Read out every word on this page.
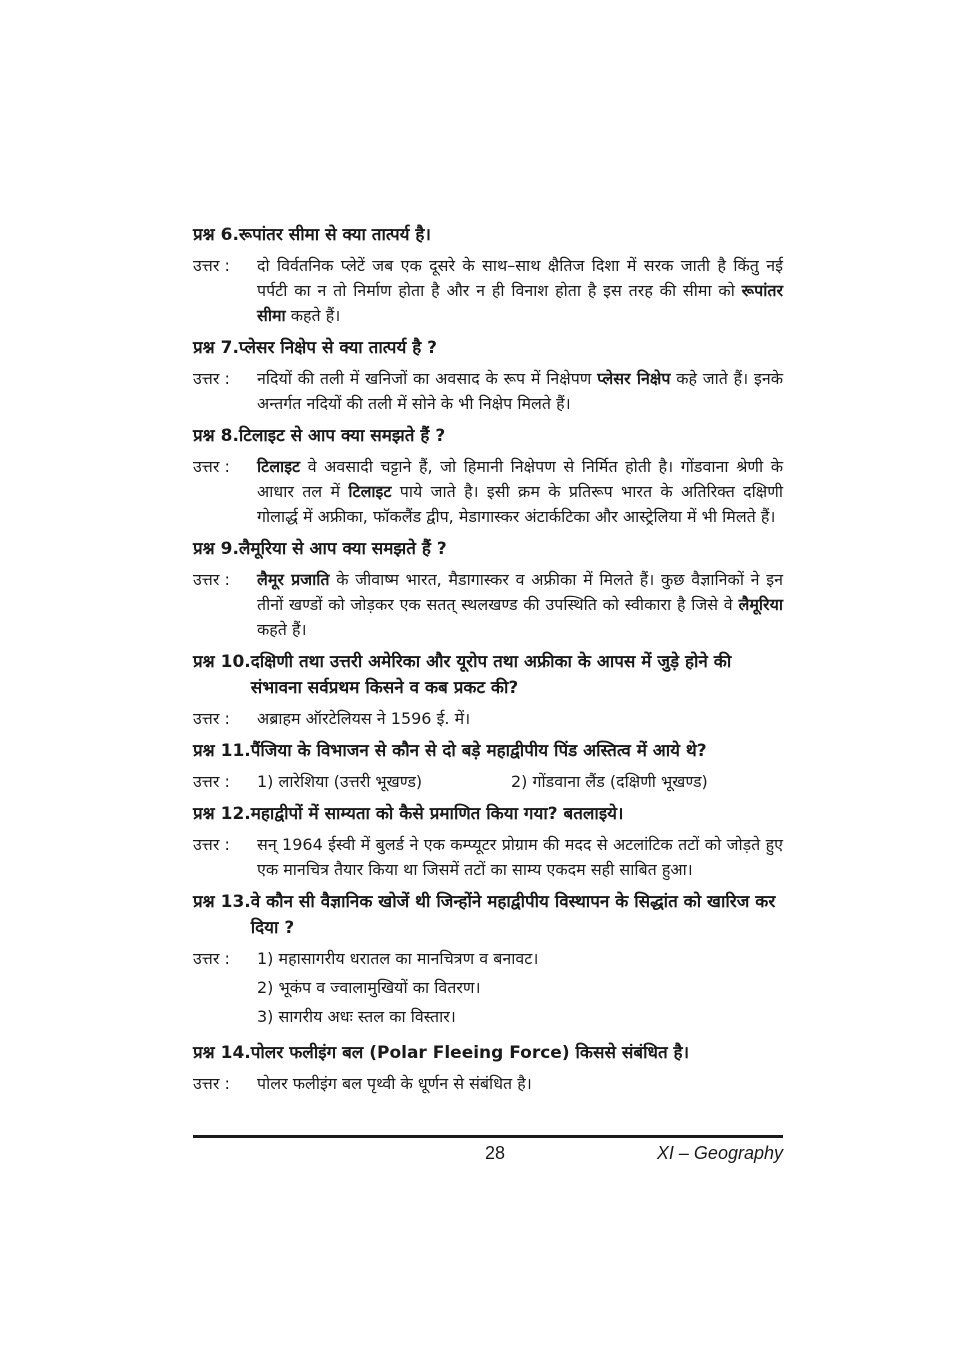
प्रश्न 6. रूपांतर सीमा से क्या तात्पर्य है।
उत्तर :	दो विर्वतनिक प्लेटें जब एक दूसरे के साथ–साथ क्षैतिज दिशा में सरक जाती है किंतु नई पर्पटी का न तो निर्माण होता है और न ही विनाश होता है इस तरह की सीमा को रूपांतर सीमा कहते हैं।
प्रश्न 7. प्लेसर निक्षेप से क्या तात्पर्य है ?
उत्तर :	नदियों की तली में खनिजों का अवसाद के रूप में निक्षेपण प्लेसर निक्षेप कहे जाते हैं। इनके अन्तर्गत नदियों की तली में सोने के भी निक्षेप मिलते हैं।
प्रश्न 8. टिलाइट से आप क्या समझते हैं ?
उत्तर :	टिलाइट वे अवसादी चट्टाने हैं, जो हिमानी निक्षेपण से निर्मित होती है। गोंडवाना श्रेणी के आधार तल में टिलाइट पाये जाते है। इसी क्रम के प्रतिरूप भारत के अतिरिक्त दक्षिणी गोलार्द्ध में अफ्रीका, फॉकलैंड द्वीप, मेडागास्कर अंटार्कटिका और आस्ट्रेलिया में भी मिलते हैं।
प्रश्न 9. लैमूरिया से आप क्या समझते हैं ?
उत्तर :	लैमूर प्रजाति के जीवाष्म भारत, मैडागास्कर व अफ्रीका में मिलते हैं। कुछ वैज्ञानिकों ने इन तीनों खण्डों को जोड़कर एक सतत् स्थलखण्ड की उपस्थिति को स्वीकारा है जिसे वे लैमूरिया कहते हैं।
प्रश्न 10. दक्षिणी तथा उत्तरी अमेरिका और यूरोप तथा अफ्रीका के आपस में जुड़े होने की संभावना सर्वप्रथम किसने व कब प्रकट की?
उत्तर :	अब्राहम ऑरटेलियस ने 1596 ई. में।
प्रश्न 11. पैंजिया के विभाजन से कौन से दो बड़े महाद्वीपीय पिंड अस्तित्व में आये थे?
उत्तर :	1) लारेशिया (उत्तरी भूखण्ड)	2) गोंडवाना लैंड (दक्षिणी भूखण्ड)
प्रश्न 12. महाद्वीपों में साम्यता को कैसे प्रमाणित किया गया? बतलाइये।
उत्तर :	सन् 1964 ईस्वी में बुलर्ड ने एक कम्प्यूटर प्रोग्राम की मदद से अटलांटिक तटों को जोड़ते हुए एक मानचित्र तैयार किया था जिसमें तटों का साम्य एकदम सही साबित हुआ।
प्रश्न 13. वे कौन सी वैज्ञानिक खोजें थी जिन्होंने महाद्वीपीय विस्थापन के सिद्धांत को खारिज कर दिया ?
उत्तर :	1) महासागरीय धरातल का मानचित्रण व बनावट।
2) भूकंप व ज्वालामुखियों का वितरण।
3) सागरीय अधः स्तल का विस्तार।
प्रश्न 14. पोलर फलीइंग बल (Polar Fleeing Force) किससे संबंधित है।
उत्तर :	पोलर फलीइंग बल पृथ्वी के धूर्णन से संबंधित है।
28	XI – Geography
